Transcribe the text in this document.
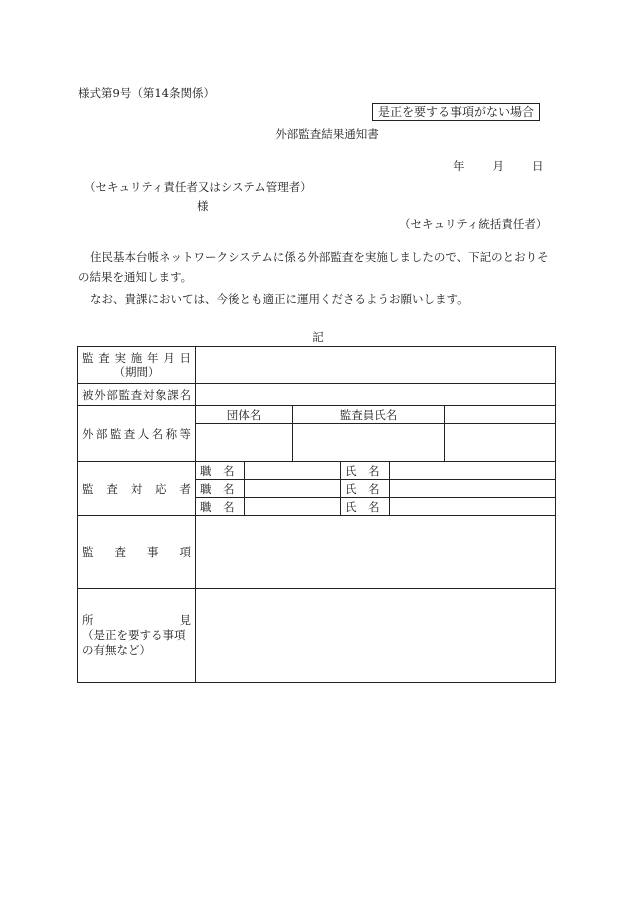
様式第9号（第14条関係）
是正を要する事項がない場合
外部監査結果通知書
年 月 日
（セキュリティ責任者又はシステム管理者）
様
（セキュリティ統括責任者）
住民基本台帳ネットワークシステムに係る外部監査を実施しましたので、下記のとおりその結果を通知します。
なお、貴課においては、今後とも適正に運用くださるようお願いします。
記
監査実施年月日
（期間）						

被外部監査対象課名						

外部監査人名称等	団体名		監査員氏名			

監　査　対　応　者	職　名			氏　名		
	職　名			氏　名		
	職　名			氏　名		

監　査　事　項						

所　　　　　　見
（是正を要する事項の有無など）						
